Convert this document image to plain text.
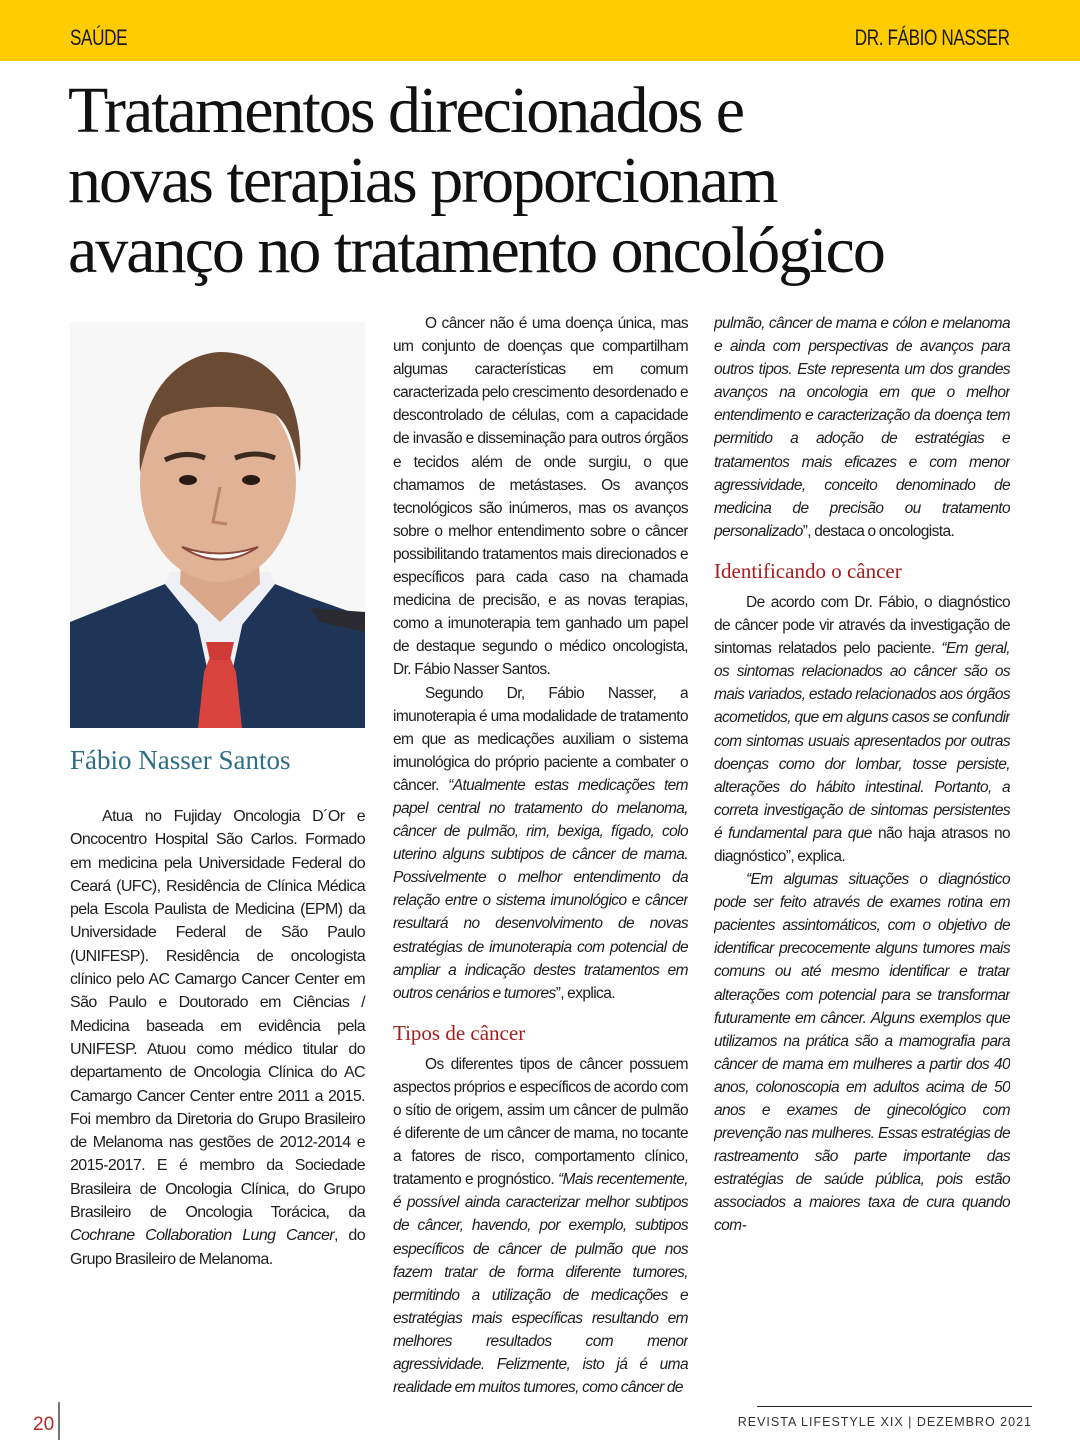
SAÚDE	DR. FÁBIO NASSER
Tratamentos direcionados e
novas terapias proporcionam
avanço no tratamento oncológico
Fábio Nasser Santos

Atua no Fujiday Oncologia D´Or e Oncocentro Hospital São Carlos. Formado em medicina pela Universidade Federal do Ceará (UFC), Residência de Clínica Médica pela Escola Paulista de Medicina (EPM) da Universidade Federal de São Paulo (UNIFESP). Residência de oncologista clínico pelo AC Camargo Cancer Center em São Paulo e Doutorado em Ciências / Medicina baseada em evidência pela UNIFESP. Atuou como médico titular do departamento de Oncologia Clínica do AC Camargo Cancer Center entre 2011 a 2015. Foi membro da Diretoria do Grupo Brasileiro de Melanoma nas gestões de 2012-2014 e 2015-2017. E é membro da Sociedade Brasileira de Oncologia Clínica, do Grupo Brasileiro de Oncologia Torácica, da Cochrane Collaboration Lung Cancer, do Grupo Brasileiro de Melanoma.

O câncer não é uma doença única, mas um conjunto de doenças que compartilham algumas características em comum caracterizada pelo crescimento desordenado e descontrolado de células, com a capacidade de invasão e disseminação para outros órgãos e tecidos além de onde surgiu, o que chamamos de metástases. Os avanços tecnológicos são inúmeros, mas os avanços sobre o melhor entendimento sobre o câncer possibilitando tratamentos mais direcionados e específicos para cada caso na chamada medicina de precisão, e as novas terapias, como a imunoterapia tem ganhado um papel de destaque segundo o médico oncologista, Dr. Fábio Nasser Santos.

Segundo Dr, Fábio Nasser, a imunoterapia é uma modalidade de tratamento em que as medicações auxiliam o sistema imunológica do próprio paciente a combater o câncer. “Atualmente estas medicações tem papel central no tratamento do melanoma, câncer de pulmão, rim, bexiga, fígado, colo uterino alguns subtipos de câncer de mama. Possivelmente o melhor entendimento da relação entre o sistema imunológico e câncer resultará no desenvolvimento de novas estratégias de imunoterapia com potencial de ampliar a indicação destes tratamentos em outros cenários e tumores”, explica.

Tipos de câncer

Os diferentes tipos de câncer possuem aspectos próprios e específicos de acordo com o sítio de origem, assim um câncer de pulmão é diferente de um câncer de mama, no tocante a fatores de risco, comportamento clínico, tratamento e prognóstico. “Mais recentemente, é possível ainda caracterizar melhor subtipos de câncer, havendo, por exemplo, subtipos específicos de câncer de pulmão que nos fazem tratar de forma diferente tumores, permitindo a utilização de medicações e estratégias mais específicas resultando em melhores resultados com menor agressividade. Felizmente, isto já é uma realidade em muitos tumores, como câncer de

pulmão, câncer de mama e cólon e melanoma e ainda com perspectivas de avanços para outros tipos. Este representa um dos grandes avanços na oncologia em que o melhor entendimento e caracterização da doença tem permitido a adoção de estratégias e tratamentos mais eficazes e com menor agressividade, conceito denominado de medicina de precisão ou tratamento personalizado”, destaca o oncologista.

Identificando o câncer

De acordo com Dr. Fábio, o diagnóstico de câncer pode vir através da investigação de sintomas relatados pelo paciente. “Em geral, os sintomas relacionados ao câncer são os mais variados, estado relacionados aos órgãos acometidos, que em alguns casos se confundir com sintomas usuais apresentados por outras doenças como dor lombar, tosse persiste, alterações do hábito intestinal. Portanto, a correta investigação de sintomas persistentes é fundamental para que não haja atrasos no diagnóstico”, explica.

“Em algumas situações o diagnóstico pode ser feito através de exames rotina em pacientes assintomáticos, com o objetivo de identificar precocemente alguns tumores mais comuns ou até mesmo identificar e tratar alterações com potencial para se transformar futuramente em câncer. Alguns exemplos que utilizamos na prática são a mamografia para câncer de mama em mulheres a partir dos 40 anos, colonoscopia em adultos acima de 50 anos e exames de ginecológico com prevenção nas mulheres. Essas estratégias de rastreamento são parte importante das estratégias de saúde pública, pois estão associados a maiores taxa de cura quando com-

20	REVISTA LIFESTYLE XIX | DEZEMBRO 2021
